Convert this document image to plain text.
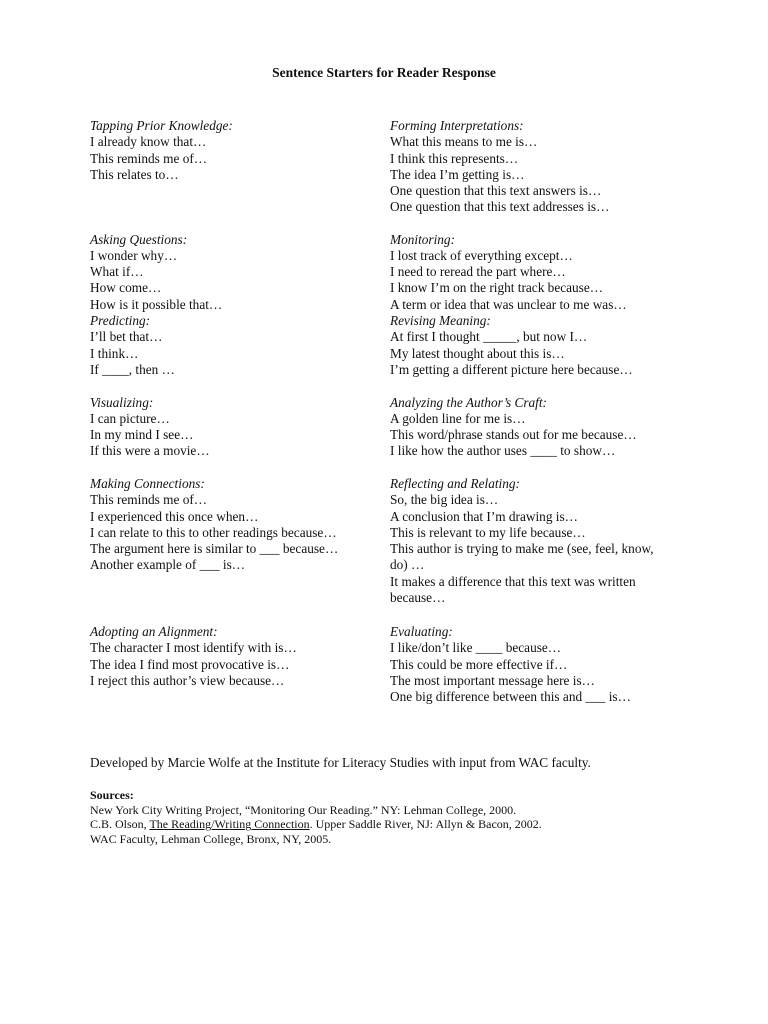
Sentence Starters for Reader Response
Tapping Prior Knowledge:
I already know that…
This reminds me of…
This relates to…
Asking Questions:
I wonder why…
What if…
How come…
How is it possible that…
Predicting:
I’ll bet that…
I think…
If ____, then …
Visualizing:
I can picture…
In my mind I see…
If this were a movie…
Making Connections:
This reminds me of…
I experienced this once when…
I can relate to this to other readings because…
The argument here is similar to ___ because…
Another example of ___ is…
Adopting an Alignment:
The character I most identify with is…
The idea I find most provocative is…
I reject this author’s view because…
Forming Interpretations:
What this means to me is…
I think this represents…
The idea I’m getting is…
One question that this text answers is…
One question that this text addresses is…
Monitoring:
I lost track of everything except…
I need to reread the part where…
I know I’m on the right track because…
A term or idea that was unclear to me was…
Revising Meaning:
At first I thought _____, but now I…
My latest thought about this is…
I’m getting a different picture here because…
Analyzing the Author’s Craft:
A golden line for me is…
This word/phrase stands out for me because…
I like how the author uses ____ to show…
Reflecting and Relating:
So, the big idea is…
A conclusion that I’m drawing is…
This is relevant to my life because…
This author is trying to make me (see, feel, know, do) …
It makes a difference that this text was written because…
Evaluating:
I like/don’t like ____ because…
This could be more effective if…
The most important message here is…
One big difference between this and ___ is…
Developed by Marcie Wolfe at the Institute for Literacy Studies with input from WAC faculty.
Sources:
New York City Writing Project, “Monitoring Our Reading.” NY: Lehman College, 2000.
C.B. Olson, The Reading/Writing Connection. Upper Saddle River, NJ: Allyn & Bacon, 2002.
WAC Faculty, Lehman College, Bronx, NY, 2005.
